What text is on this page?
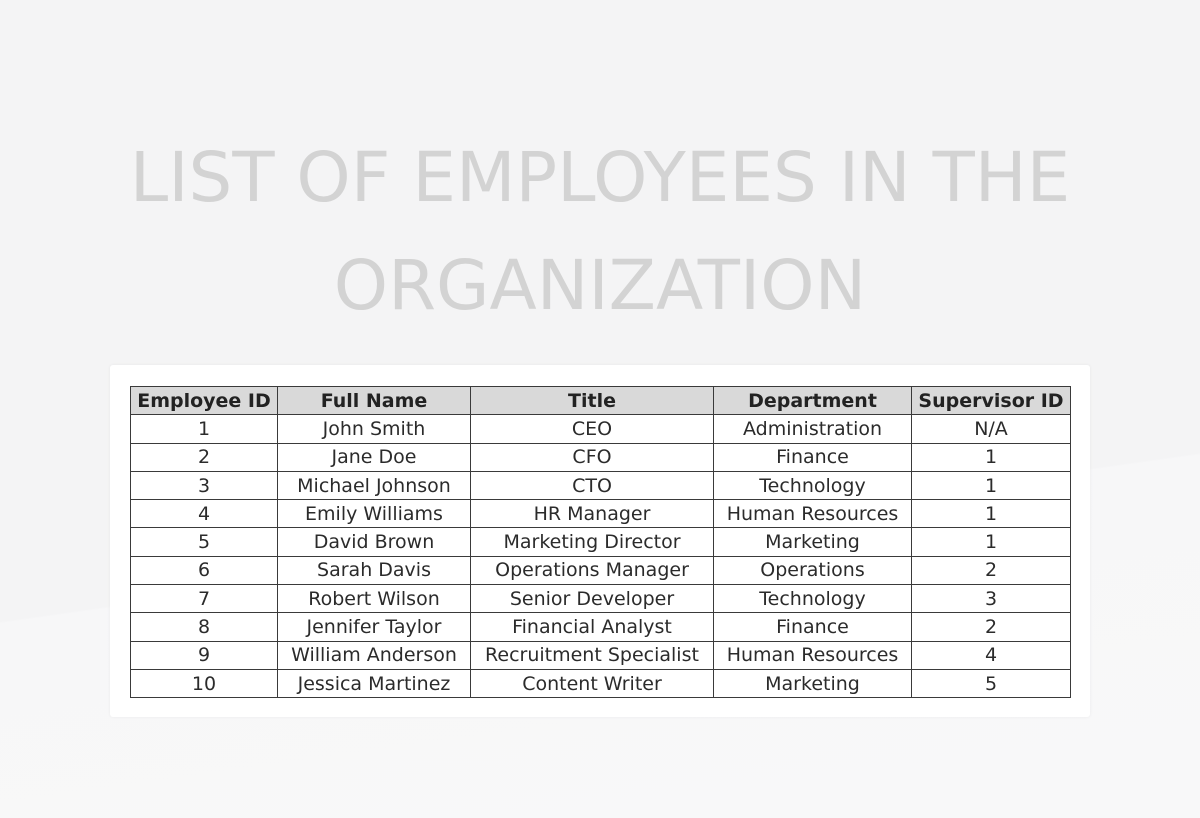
LIST OF EMPLOYEES IN THE ORGANIZATION
Employee ID	Full Name	Title	Department	Supervisor ID
1	John Smith	CEO	Administration	N/A
2	Jane Doe	CFO	Finance	1
3	Michael Johnson	CTO	Technology	1
4	Emily Williams	HR Manager	Human Resources	1
5	David Brown	Marketing Director	Marketing	1
6	Sarah Davis	Operations Manager	Operations	2
7	Robert Wilson	Senior Developer	Technology	3
8	Jennifer Taylor	Financial Analyst	Finance	2
9	William Anderson	Recruitment Specialist	Human Resources	4
10	Jessica Martinez	Content Writer	Marketing	5
